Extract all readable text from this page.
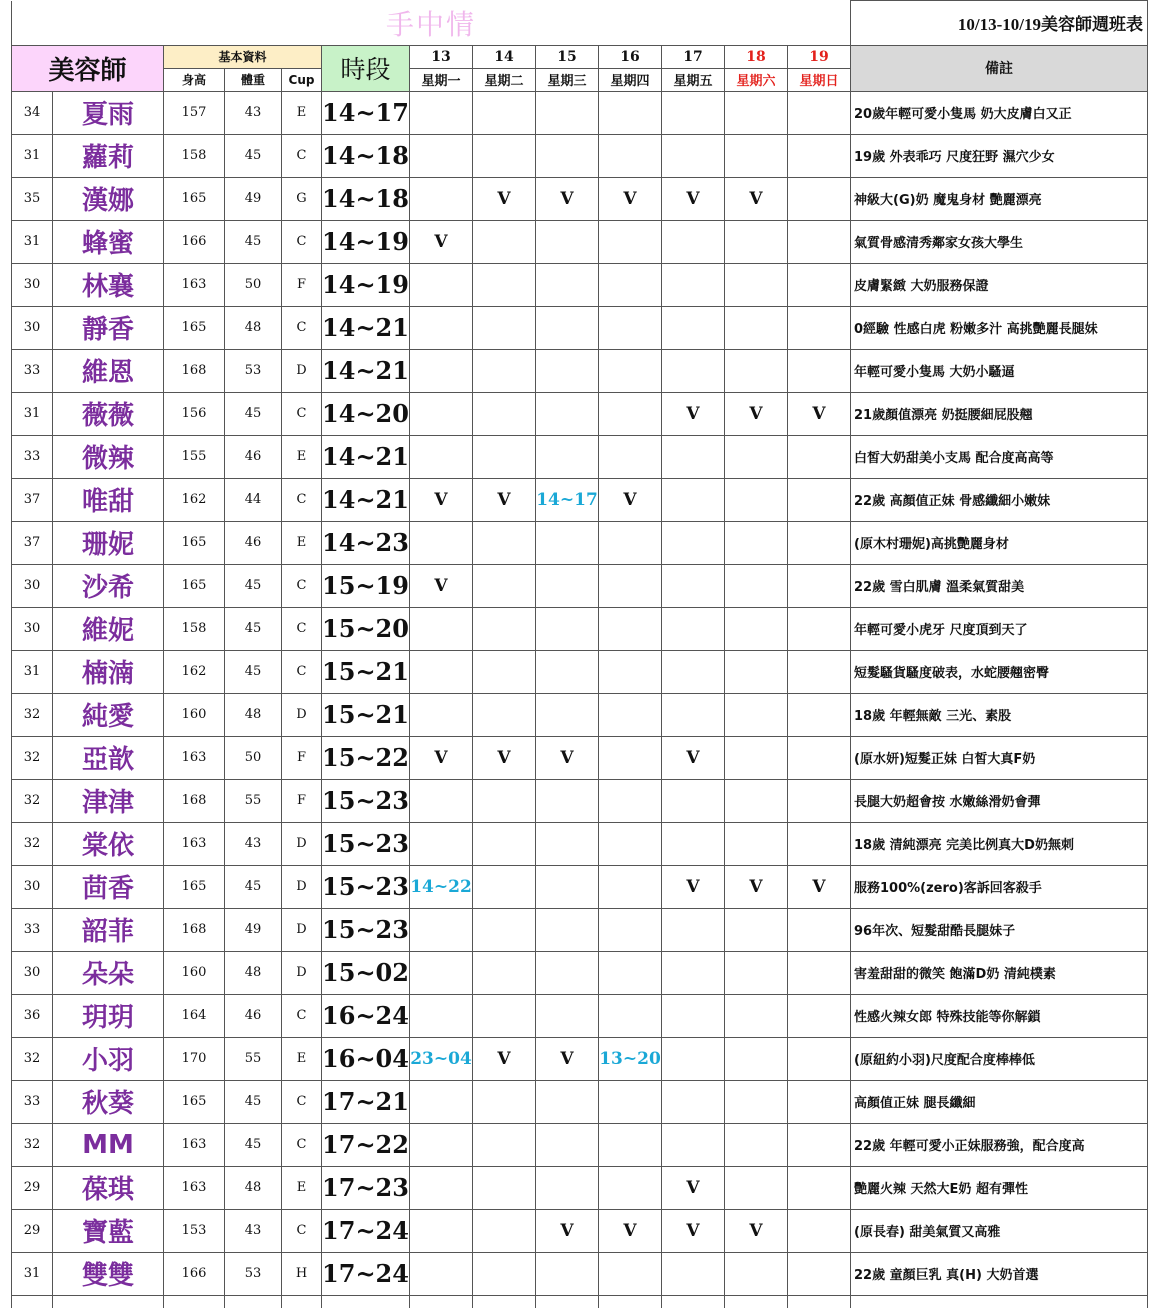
手中情													10/13-10/19美容師週班表
美容師		基本資料			時段	13	14	15	16	17	18	19	備註
		身高	體重	Cup		星期一	星期二	星期三	星期四	星期五	星期六	星期日	
34	夏雨	157	43	E	14~17								20歲年輕可愛小隻馬 奶大皮膚白又正
31	蘿莉	158	45	C	14~18								19歲 外表乖巧 尺度狂野 濕穴少女
35	漢娜	165	49	G	14~18		V	V	V	V	V		神級大(G)奶 魔鬼身材 艷麗漂亮
31	蜂蜜	166	45	C	14~19	V							氣質骨感清秀鄰家女孩大學生
30	林襄	163	50	F	14~19								皮膚緊緻 大奶服務保證
30	靜香	165	48	C	14~21								0經驗 性感白虎 粉嫩多汁 高挑艷麗長腿妹
33	維恩	168	53	D	14~21								年輕可愛小隻馬 大奶小騷逼
31	薇薇	156	45	C	14~20					V	V	V	21歲顏值漂亮 奶挺腰細屁股翹
33	微辣	155	46	E	14~21								白皙大奶甜美小支馬 配合度高高等
37	唯甜	162	44	C	14~21	V	V	14~17	V				22歲 高顏值正妹 骨感纖細小嫩妹
37	珊妮	165	46	E	14~23								(原木村珊妮)高挑艷麗身材
30	沙希	165	45	C	15~19	V							22歲 雪白肌膚 溫柔氣質甜美
30	維妮	158	45	C	15~20								年輕可愛小虎牙 尺度頂到天了
31	楠湳	162	45	C	15~21								短髮騷貨騷度破表，水蛇腰翹密臀
32	純愛	160	48	D	15~21								18歲 年輕無敵 三光、素股
32	亞歆	163	50	F	15~22	V	V	V		V			(原水妍)短髮正妹 白皙大真F奶
32	津津	168	55	F	15~23								長腿大奶超會按 水嫩絲滑奶會彈
32	棠依	163	43	D	15~23								18歲 清純漂亮 完美比例真大D奶無刺
30	茴香	165	45	D	15~23	14~22				V	V	V	服務100%(zero)客訴回客殺手
33	韶菲	168	49	D	15~23								96年次、短髮甜酷長腿妹子
30	朵朵	160	48	D	15~02								害羞甜甜的微笑 飽滿D奶 清純樸素
36	玥玥	164	46	C	16~24								性感火辣女郎 特殊技能等你解鎖
32	小羽	170	55	E	16~04	23~04	V	V	13~20				(原紐約小羽)尺度配合度棒棒低
33	秋葵	165	45	C	17~21								高顏值正妹 腿長纖細
32	MM	163	45	C	17~22								22歲 年輕可愛小正妹服務強，配合度高
29	葆琪	163	48	E	17~23					V			艷麗火辣 天然大E奶 超有彈性
29	寶藍	153	43	C	17~24			V	V	V	V		(原長春) 甜美氣質又高雅
31	雙雙	166	53	H	17~24								22歲 童顏巨乳 真(H) 大奶首選
